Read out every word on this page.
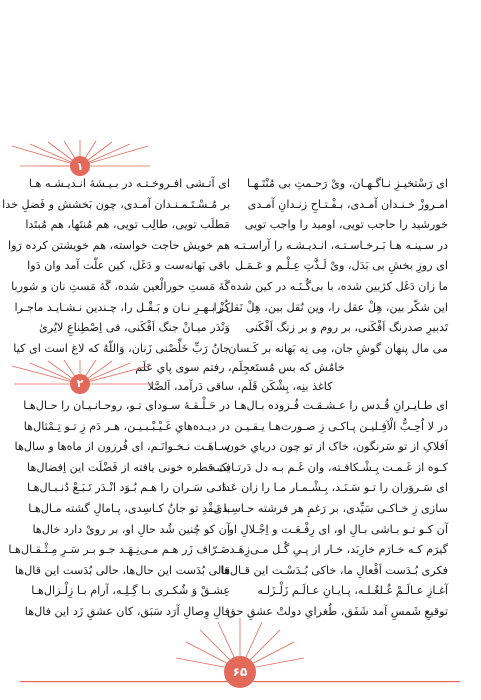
۱
ای رَسْتخیـزِ نـاگـهـان، ویْ رَحـمتِ بی مُنْتَـهـا
امـروزْ خـنـدان آمـدی، بـفْـتـاحِ زنـدانِ آمـدی
خورشید را حاجب تویی، اومید را واجب تویی
در سـینـه هـا بَـرخـاسـتـه، انـدیـشـه را آراسـتـه
ای روزِ بخشِ بی بَدَل، ویْ لَـذَّتِ عِـلْـم و عَـمَـل
ما زان دَغَل کژبین شده، با بی‌گُـنَـه در کین شده
این شکّر بین، هِلْ عقل را، وین نُقل بین، هِلْ نَقل را
تَدبیرِ صدرنگ اَفْکَنی، بر روم و بر زنگ اَفْکَنی
می مال پنهان گوشِ جان، مِی نِه بَهانه بر کَـسان
ای آتـشی افـروخـتـه در بـیـشهٔ انـدیـشـه‌ هـا
بر مُـسْـتَـمـنـدان آمـدی، چون بَخشش و فَضلِ خدا
مَطلَب تویی، طالِب تویی، هم مُنتَها، هم مُبتَدا
هم خویش حاجت خواسته، هم خویشتن کرده رَوا
باقی بَهانه‌ست و دَغَل، کین علّت آمد وان دَوا
گَهٔ مَستِ حورالْعین شده، گَهٔ مَستِ نان و شوربا
کُزْ بـهـرِ نـان و بَـقْـل را، چـندین نـشـایـد ماجـرا
وَنْدَر میـانْ جنگ اَفْکَنی، فی اِصْطِناعِ لایُریٰ
جانُ رَبِّ خَلِّصْنی زَنان، وَاللّهُ که لاغ است ای کیا
خامُش که بس مُستَعجِلَم، رفتم سوی پایِ عَلَم
کاغذ بنِه، بِشْکَن قَلَم، ساقی دَرآمد، اَلصَّلا
۲
ای طـایـرانِ قُـدس را عـشـقـت فُـزوده بـال‌هـا
در لا اُحِـبُّ الْآفِـلیـن پـاکـی زِ صـورت‌هـا یـقـیـن
اَفلاکِ از تو سَرنگون، خاک از تو چون دریایِ خون
کـوه از غَـمـت بِـشْـکافـته، وان غَـم بـه دل دَرتـافـتـه
ای سَـروَران را تـو سَـنَـد، بِـشْـمـار مـا را زان عَـدَد
سازی زِ خـاکـی سَیِّدی، بر رَغمِ هر فرشته حـاسِـدی
آن کـو تـو بـاشی بـالِ او، ای رِفْـعَـت و اِجْـلالِ او
گیرَم کـه خـارَم خارِبَد، خـار از پـیِ گُـل مـی‌زِهَـد
فکری بُـدَست اَفْعالِ ما، خاکی بُـدَسْـت این قـال‌ها
آغـازِ عـالَـمْ غُـلغُـلـه، پـایـانِ عـالَـم زَلْـزَلـه
توقیعِ شَمسِ آمد شَفَق، طُغرایِ دولتْ عشقِ حق
در حَـلْـقـهٔ سـودای تـو، روحـانـیـان را حـال‌هـا
در دیـده‌هایِ غَـیْـبْـبـیـن، هـر دَم زِ تـو تِـمْثال‌ها
سـاهَـت نـخـوانَـم، ای فُرزون از ماه‌ها و سال‌ها
یک قطره خونی یافته از فَضْلَت این اِفضال‌ها
دانـی سَـران را هـم بُـوَد انْـدَر تَـبَـعْ دُنـبـال‌هـا
با نَـقْدِ تو جانُ کـاسِدی، پـامالِ گشته مـال‌هـا
آن کو چُنین شُد حالِ او، بر رویْ دارد خال‌ها
صَـرّاف زَر هـم مـی‌نِـهَـد جـو بـر سَـرِ مِـثْـقـال‌هـا
قالی بُدَست این حال‌ها، حالی بُدَست این قال‌ها
عِشـقْ وَ شُکـری بـا گِـلِـه، آرام بـا زِلْـزال‌هـا
فالِ وِصالِ آرَد سَبَق، کان عشقِ زَد این فال‌ها
۶۵
